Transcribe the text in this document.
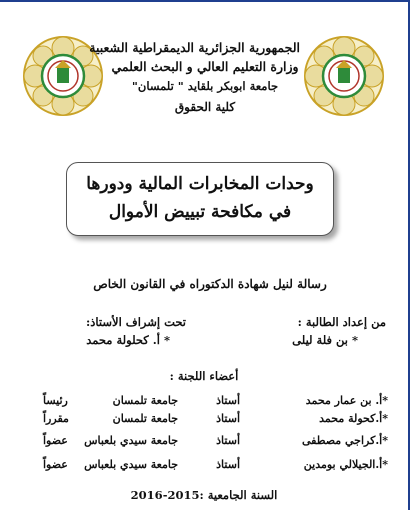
الجمهورية الجزائرية الديمقراطية الشعبية
وزارة التعليم العالي و البحث العلمي
جامعة ابوبكر بلقايد " تلمسان"
كلية الحقوق
وحدات المخابرات المالية ودورها
في مكافحة تبييض الأموال
رسالة لنيل شهادة الدكتوراه في القانون الخاص
من إعداد الطالبة :
* بن فلة ليلى
تحت إشراف الأستاذ:
* أ. كحلولة محمد
أعضاء اللجنة :
*أ. بن عمار محمد
أستاذ
جامعة تلمسان
رئيساً
*أ.كحولة محمد
أستاذ
جامعة تلمسان
مقرراً
*أ.كراجي مصطفى
أستاذ
جامعة سيدي بلعباس
عضواً
*أ.الجيلالي بومدين
أستاذ
جامعة سيدي بلعباس
عضواً
السنة الجامعية :2015-2016
